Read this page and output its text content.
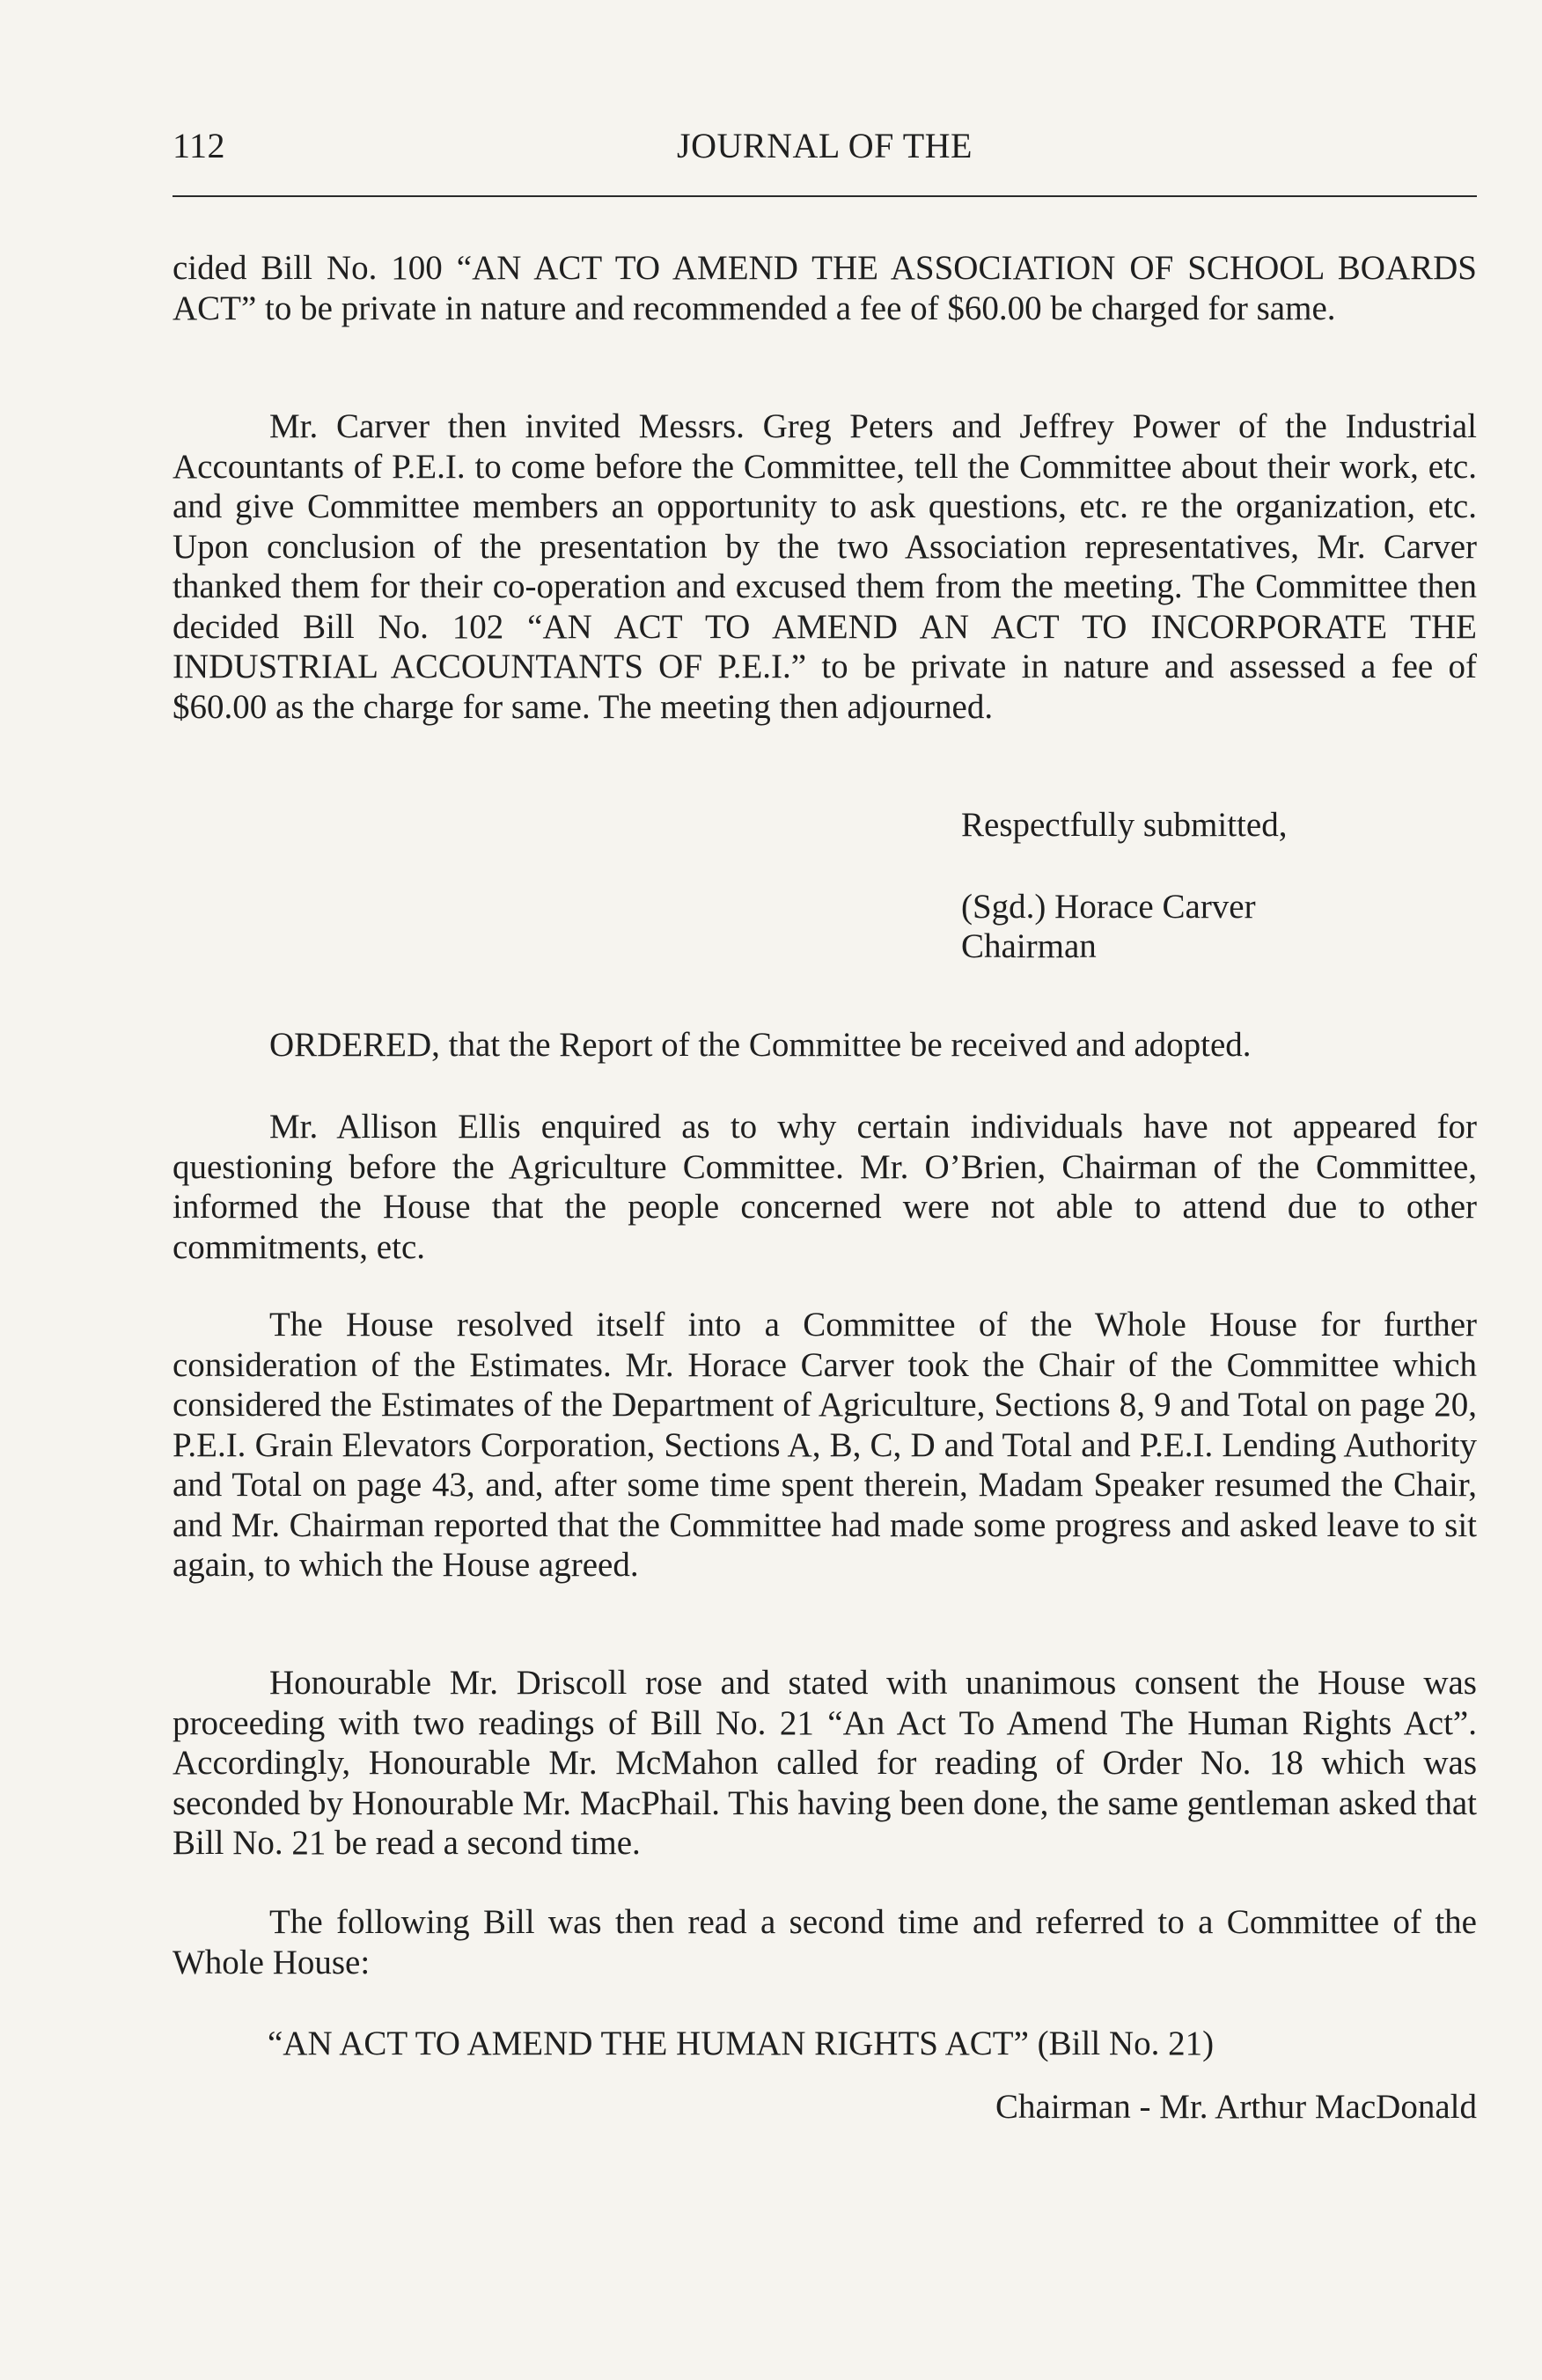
112	JOURNAL OF THE

cided Bill No. 100 “AN ACT TO AMEND THE ASSOCIATION OF SCHOOL BOARDS ACT” to be private in nature and recommended a fee of $60.00 be charged for same.

Mr. Carver then invited Messrs. Greg Peters and Jeffrey Power of the Industrial Accountants of P.E.I. to come before the Committee, tell the Committee about their work, etc. and give Committee members an opportunity to ask questions, etc. re the organization, etc. Upon conclusion of the presentation by the two Association representatives, Mr. Carver thanked them for their co-operation and excused them from the meeting. The Committee then decided Bill No. 102 “AN ACT TO AMEND AN ACT TO INCORPORATE THE INDUSTRIAL ACCOUNTANTS OF P.E.I.” to be private in nature and assessed a fee of $60.00 as the charge for same. The meeting then adjourned.

Respectfully submitted,

(Sgd.) Horace Carver

Chairman

ORDERED, that the Report of the Committee be received and adopted.

Mr. Allison Ellis enquired as to why certain individuals have not appeared for questioning before the Agriculture Committee. Mr. O’Brien, Chairman of the Committee, informed the House that the people concerned were not able to attend due to other commitments, etc.

The House resolved itself into a Committee of the Whole House for further consideration of the Estimates. Mr. Horace Carver took the Chair of the Committee which considered the Estimates of the Department of Agriculture, Sections 8, 9 and Total on page 20, P.E.I. Grain Elevators Corporation, Sections A, B, C, D and Total and P.E.I. Lending Authority and Total on page 43, and, after some time spent therein, Madam Speaker resumed the Chair, and Mr. Chairman reported that the Committee had made some progress and asked leave to sit again, to which the House agreed.

Honourable Mr. Driscoll rose and stated with unanimous consent the House was proceeding with two readings of Bill No. 21 “An Act To Amend The Human Rights Act”. Accordingly, Honourable Mr. McMahon called for reading of Order No. 18 which was seconded by Honourable Mr. MacPhail. This having been done, the same gentleman asked that Bill No. 21 be read a second time.

The following Bill was then read a second time and referred to a Committee of the Whole House:

“AN ACT TO AMEND THE HUMAN RIGHTS ACT” (Bill No. 21)

Chairman - Mr. Arthur MacDonald
